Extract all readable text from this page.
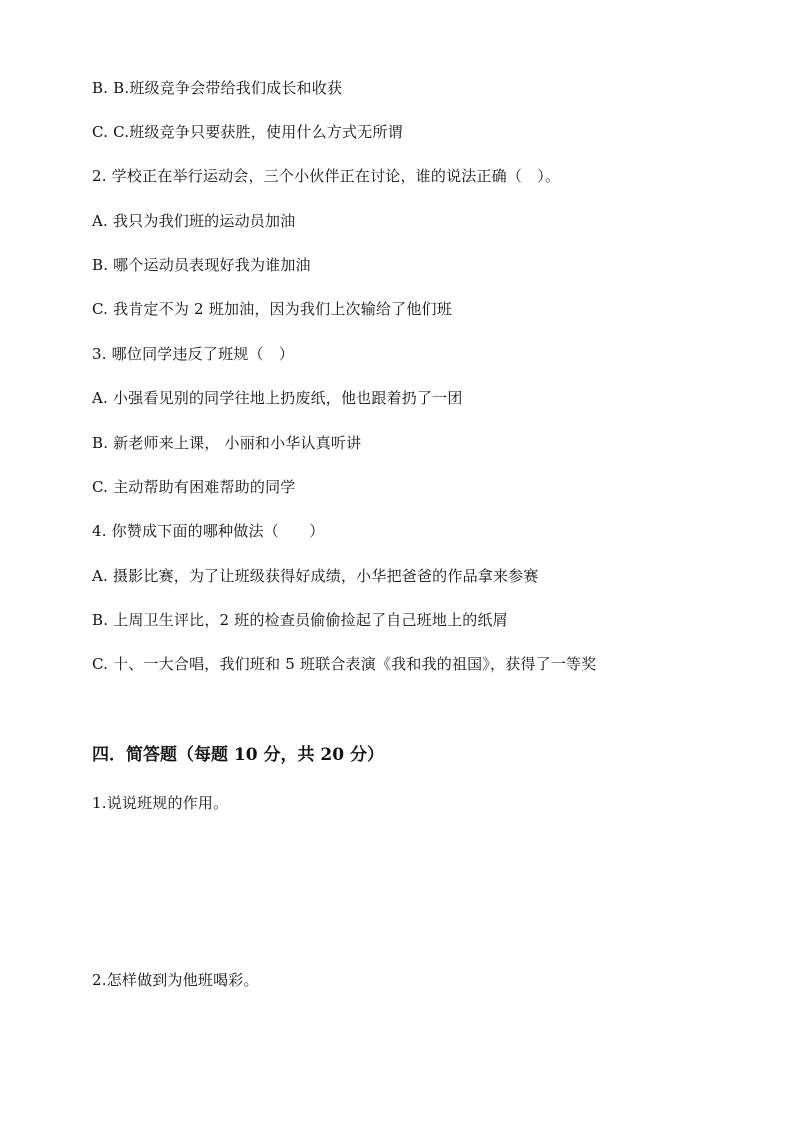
B. B.班级竞争会带给我们成长和收获
C. C.班级竞争只要获胜，使用什么方式无所谓
2. 学校正在举行运动会，三个小伙伴正在讨论，谁的说法正确（　）。
A. 我只为我们班的运动员加油
B. 哪个运动员表现好我为谁加油
C. 我肯定不为 2 班加油，因为我们上次输给了他们班
3. 哪位同学违反了班规（　）
A. 小强看见别的同学往地上扔废纸，他也跟着扔了一团
B. 新老师来上课， 小丽和小华认真听讲
C. 主动帮助有困难帮助的同学
4. 你赞成下面的哪种做法（　　）
A. 摄影比赛，为了让班级获得好成绩，小华把爸爸的作品拿来参赛
B. 上周卫生评比，2 班的检查员偷偷捡起了自己班地上的纸屑
C. 十、一大合唱，我们班和 5 班联合表演《我和我的祖国》，获得了一等奖
四．简答题（每题 10 分，共 20 分）
1.说说班规的作用。
2.怎样做到为他班喝彩。
